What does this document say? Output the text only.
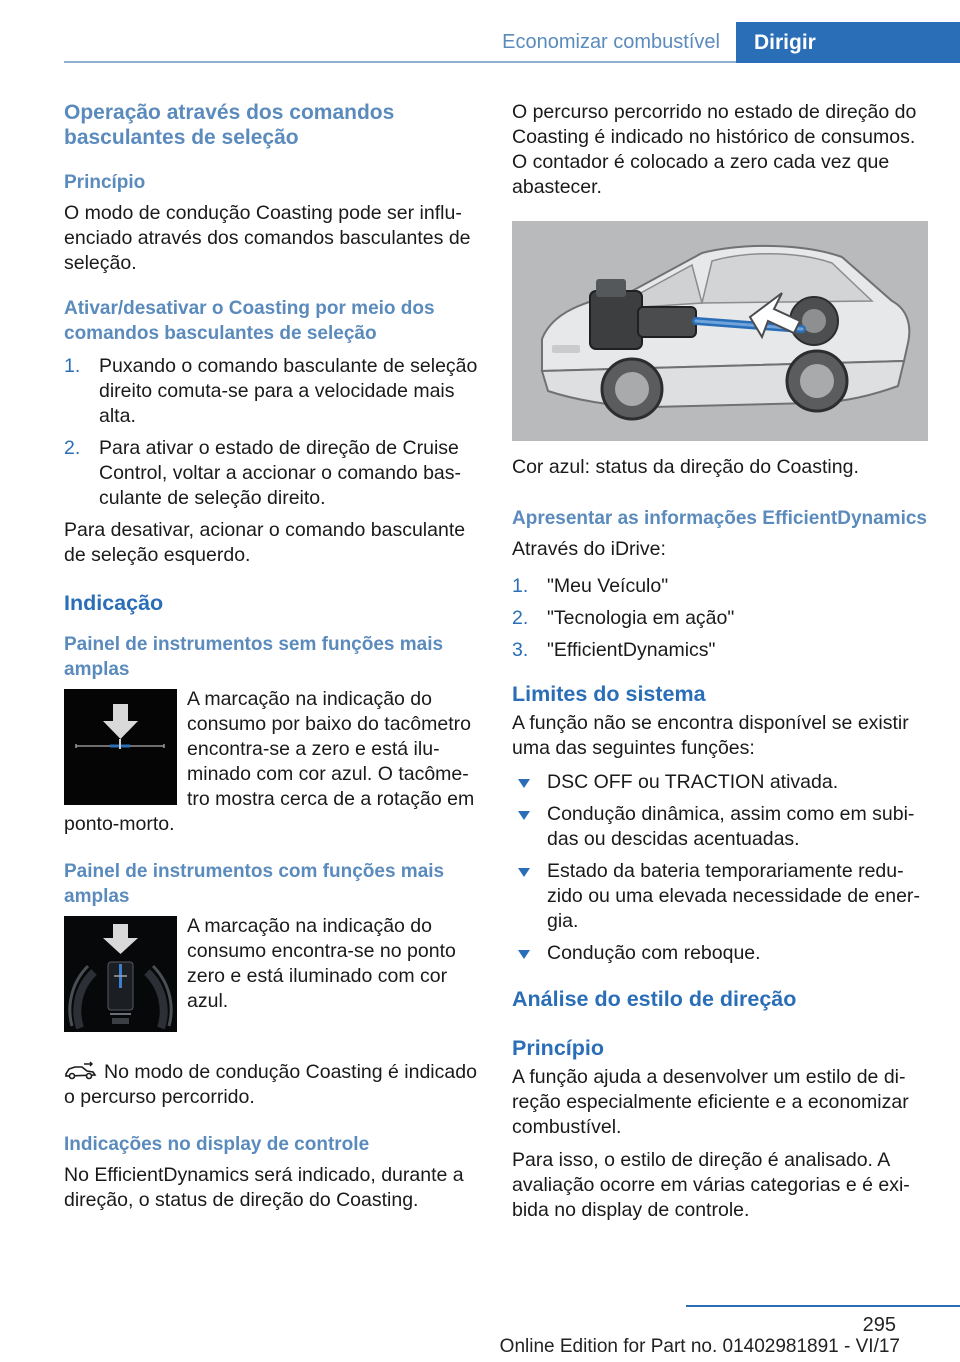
Economizar combustível	Dirigir
Operação através dos comandos basculantes de seleção
Princípio

O modo de condução Coasting pode ser influenciado através dos comandos basculantes de seleção.

Ativar/desativar o Coasting por meio dos comandos basculantes de seleção
1. Puxando o comando basculante de seleção direito comuta-se para a velocidade mais alta.
2. Para ativar o estado de direção de Cruise Control, voltar a accionar o comando basculante de seleção direito.

Para desativar, acionar o comando basculante de seleção esquerdo.

Indicação
Painel de instrumentos sem funções mais amplas

A marcação na indicação do consumo por baixo do tacômetro encontra-se a zero e está iluminado com cor azul. O tacômetro mostra cerca de a rotação em ponto-morto.

Painel de instrumentos com funções mais amplas

A marcação na indicação do consumo encontra-se no ponto zero e está iluminado com cor azul.

No modo de condução Coasting é indicado o percurso percorrido.

Indicações no display de controle

No EfficientDynamics será indicado, durante a direção, o status de direção do Coasting.

O percurso percorrido no estado de direção do Coasting é indicado no histórico de consumos. O contador é colocado a zero cada vez que abastecer.

Cor azul: status da direção do Coasting.

Apresentar as informações EfficientDynamics

Através do iDrive:

1. "Meu Veículo"
2. "Tecnologia em ação"
3. "EfficientDynamics"
Limites do sistema

A função não se encontra disponível se existir uma das seguintes funções:

DSC OFF ou TRACTION ativada.
Condução dinâmica, assim como em subidas ou descidas acentuadas.
Estado da bateria temporariamente reduzido ou uma elevada necessidade de energia.
Condução com reboque.
Análise do estilo de direção
Princípio

A função ajuda a desenvolver um estilo de direção especialmente eficiente e a economizar combustível.

Para isso, o estilo de direção é analisado. A avaliação ocorre em várias categorias e é exibida no display de controle.

295
Online Edition for Part no. 01402981891 - VI/17
